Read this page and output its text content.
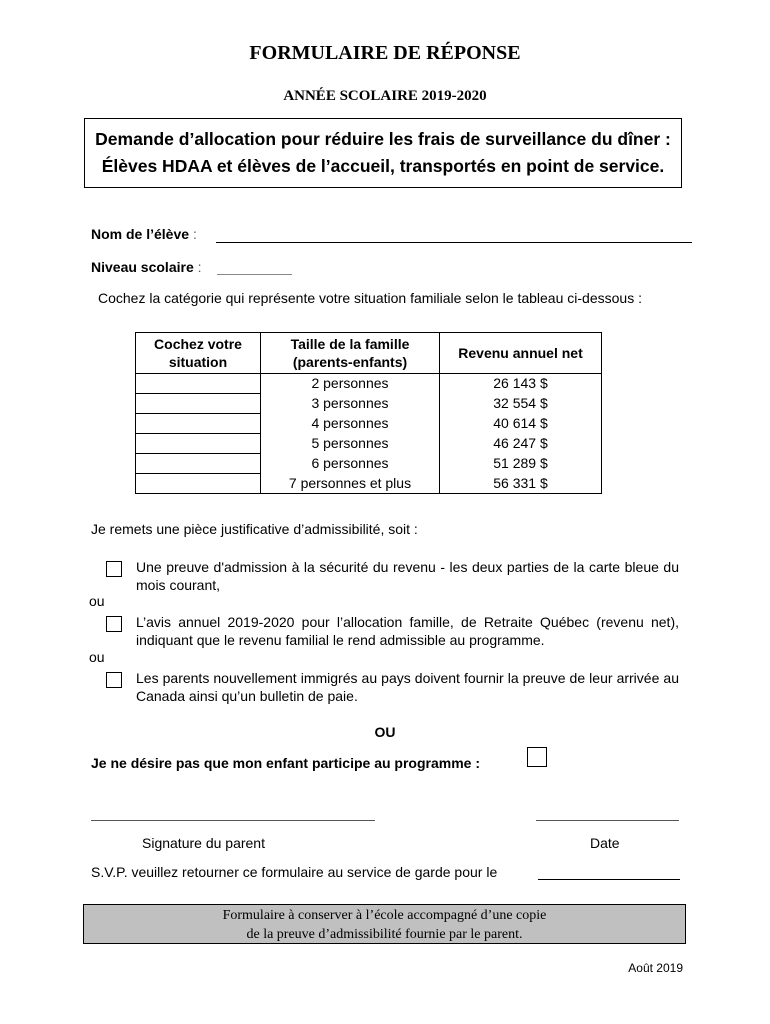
FORMULAIRE DE RÉPONSE
ANNÉE SCOLAIRE 2019-2020
Demande d’allocation pour réduire les frais de surveillance du dîner :
Élèves HDAA et élèves de l’accueil, transportés en point de service.
Nom de l’élève :
Niveau scolaire :
Cochez la catégorie qui représente votre situation familiale selon le tableau ci-dessous :
Cochez votre situation	Taille de la famille (parents-enfants)	Revenu annuel net
	2 personnes	26 143 $
	3 personnes	32 554 $
	4 personnes	40 614 $
	5 personnes	46 247 $
	6 personnes	51 289 $
	7 personnes et plus	56 331 $
Je remets une pièce justificative d’admissibilité, soit :
Une preuve d'admission à la sécurité du revenu - les deux parties de la carte bleue du mois courant,
ou
L’avis annuel 2019-2020 pour l’allocation famille, de Retraite Québec (revenu net), indiquant que le revenu familial le rend admissible au programme.
ou
Les parents nouvellement immigrés au pays doivent fournir la preuve de leur arrivée au Canada ainsi qu’un bulletin de paie.
OU
Je ne désire pas que mon enfant participe au programme :
Signature du parent	Date
S.V.P. veuillez retourner ce formulaire au service de garde pour le
Formulaire à conserver à l’école accompagné d’une copie
de la preuve d’admissibilité fournie par le parent.
Août 2019
